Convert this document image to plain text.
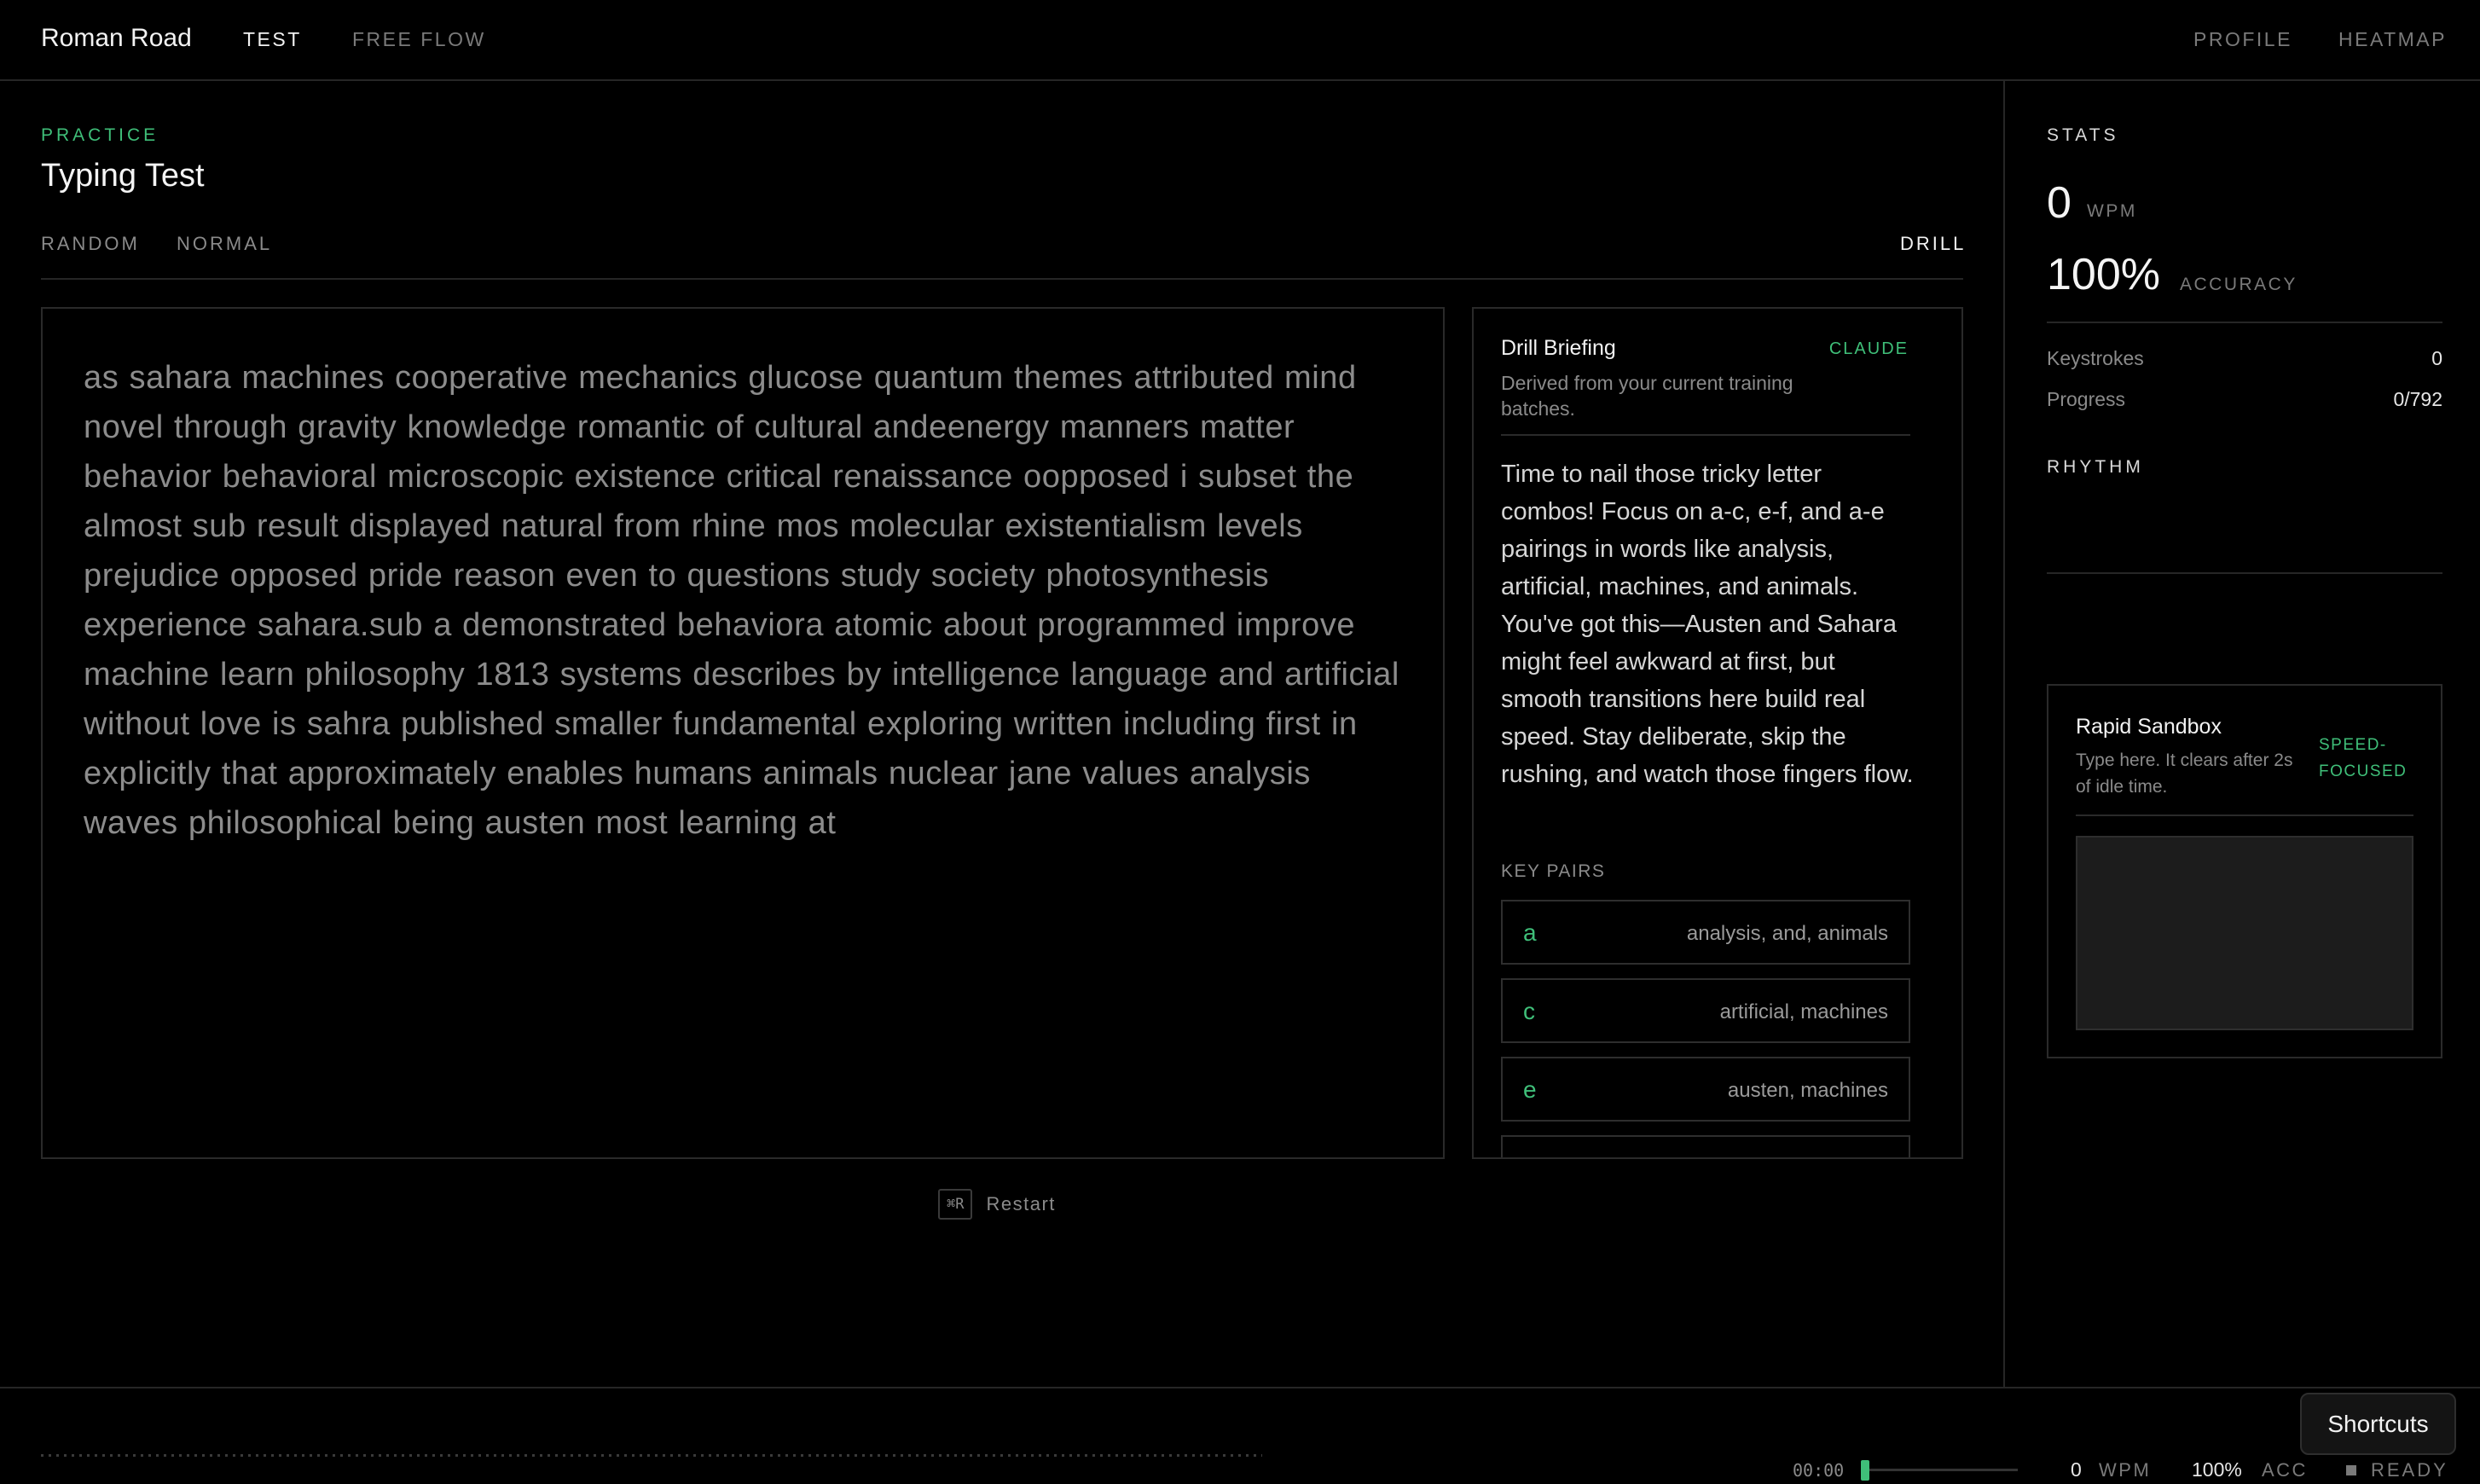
Roman Road	TEST	FREE FLOW	PROFILE HEATMAP
PRACTICE
Typing Test
RANDOM NORMAL	DRILL

as sahara machines cooperative mechanics glucose quantum themes attributed mind novel through gravity knowledge romantic of cultural andeenergy manners matter behavior behavioral microscopic existence critical renaissance oopposed i subset the almost sub result displayed natural from rhine mos molecular existentialism levels prejudice opposed pride reason even to questions study society photosynthesis experience sahara.sub a demonstrated behaviora atomic about programmed improve machine learn philosophy 1813 systems describes by intelligence language and artificial without love is sahra published smaller fundamental exploring written including first in explicitly that approximately enables humans animals nuclear jane values analysis waves philosophical being austen most learning at

⌘R	Restart
Drill Briefing	CLAUDE
Derived from your current training batches.

Time to nail those tricky letter combos! Focus on a-c, e-f, and a-e pairings in words like analysis, artificial, machines, and animals. You've got this—Austen and Sahara might feel awkward at first, but smooth transitions here build real speed. Stay deliberate, skip the rushing, and watch those fingers flow.

KEY PAIRS
a	analysis, and, animals
c	artificial, machines
e	austen, machines
STATS
0 WPM
100% ACCURACY
Keystrokes	0
Progress	0/792
RHYTHM
Rapid Sandbox
Type here. It clears after 2s of idle time.
SPEED-FOCUSED
Shortcuts
00:00	0 WPM 100% ACC	READY
